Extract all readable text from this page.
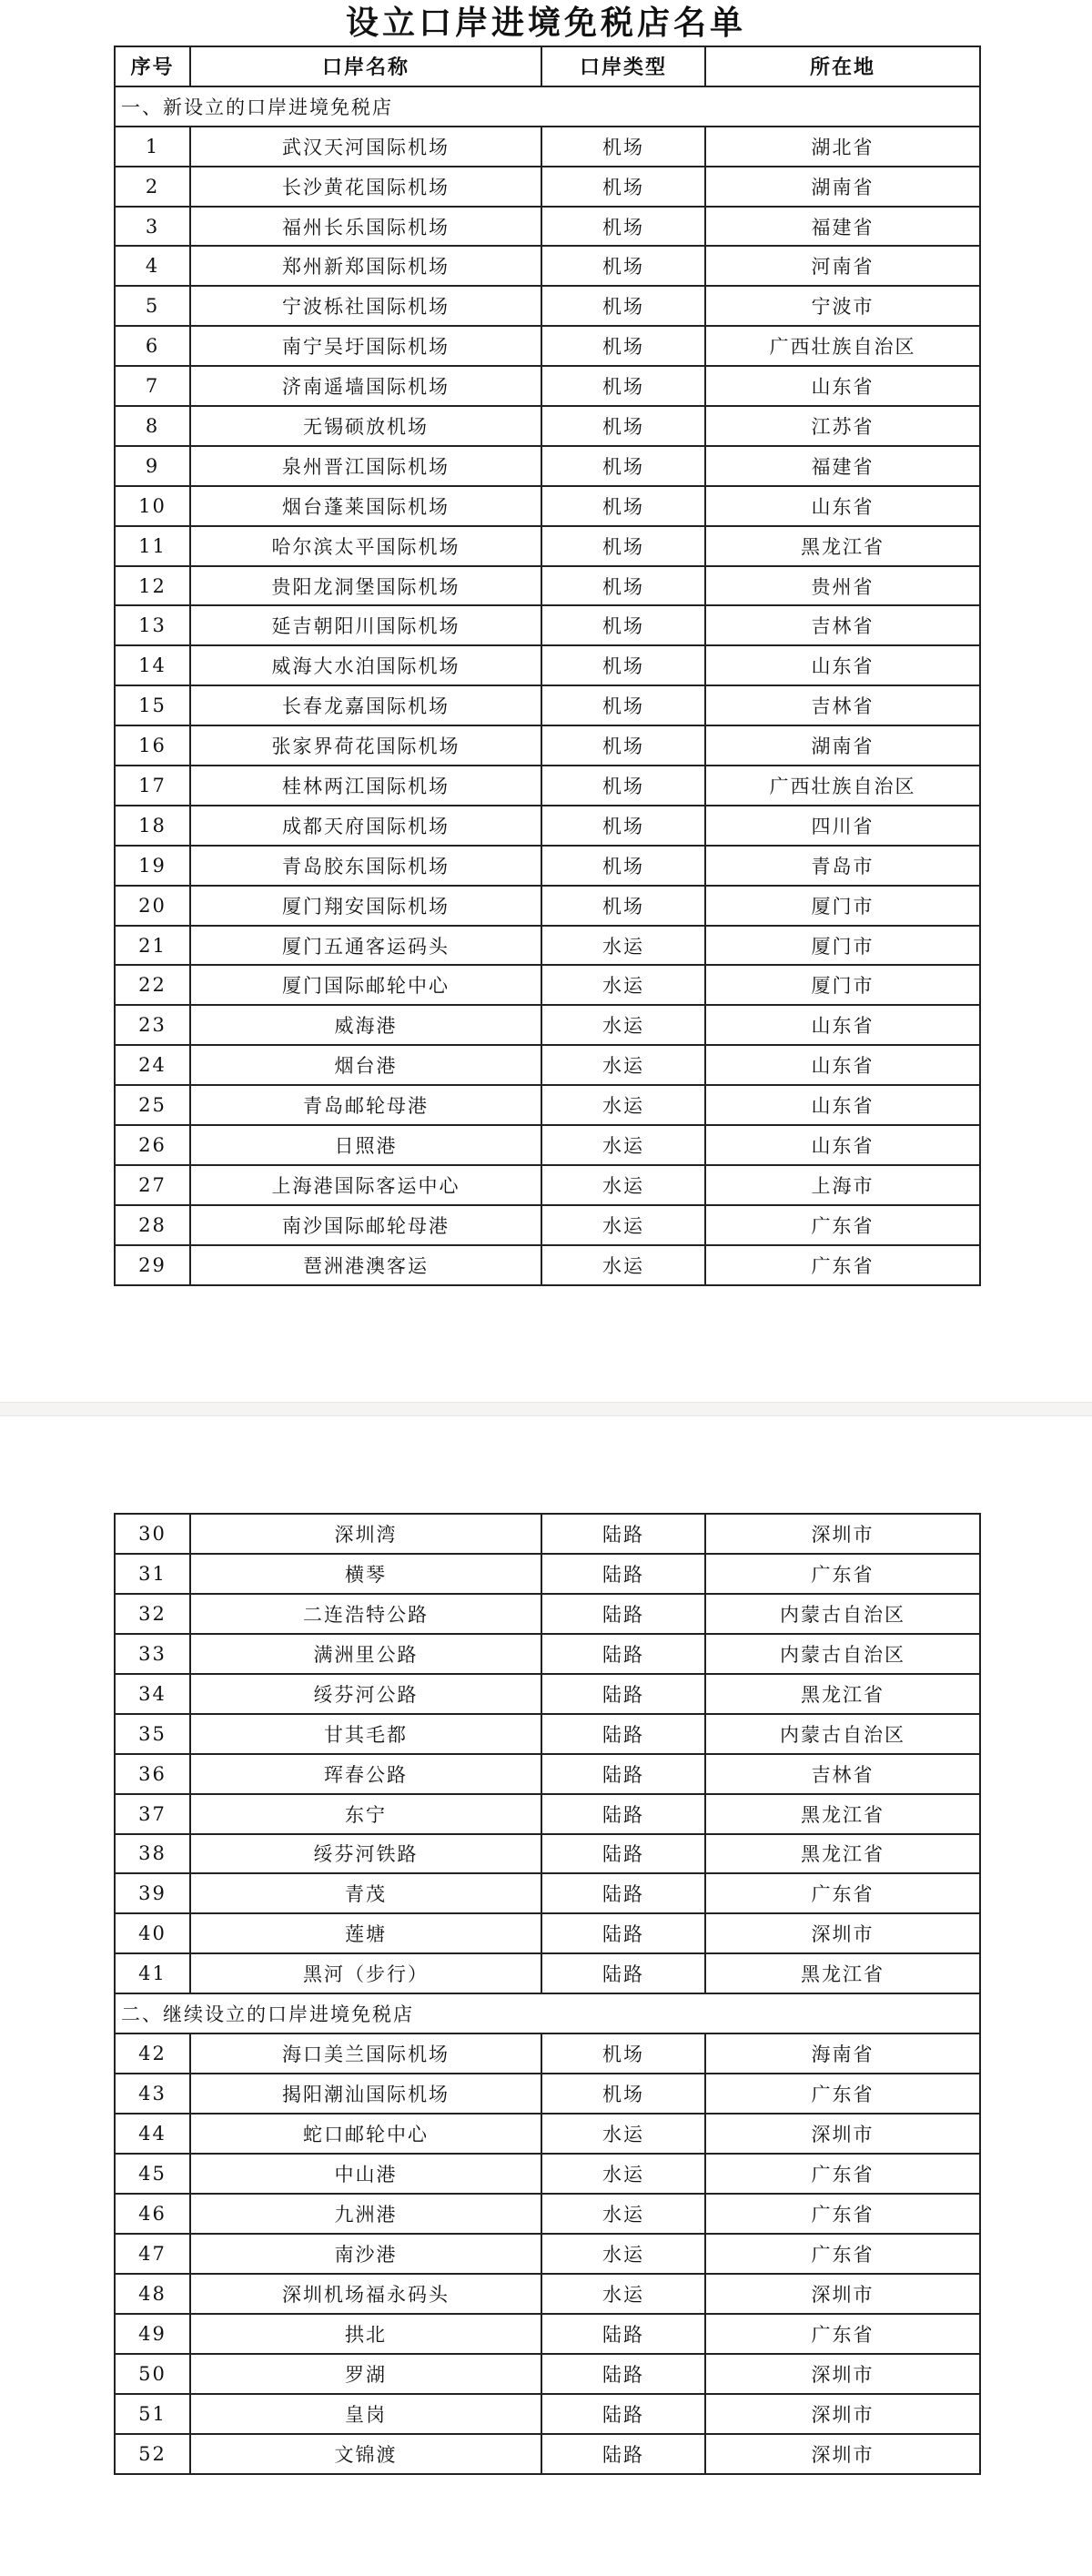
设立口岸进境免税店名单
序号	口岸名称	口岸类型	所在地
一、新设立的口岸进境免税店			
1	武汉天河国际机场	机场	湖北省
2	长沙黄花国际机场	机场	湖南省
3	福州长乐国际机场	机场	福建省
4	郑州新郑国际机场	机场	河南省
5	宁波栎社国际机场	机场	宁波市
6	南宁吴圩国际机场	机场	广西壮族自治区
7	济南遥墙国际机场	机场	山东省
8	无锡硕放机场	机场	江苏省
9	泉州晋江国际机场	机场	福建省
10	烟台蓬莱国际机场	机场	山东省
11	哈尔滨太平国际机场	机场	黑龙江省
12	贵阳龙洞堡国际机场	机场	贵州省
13	延吉朝阳川国际机场	机场	吉林省
14	威海大水泊国际机场	机场	山东省
15	长春龙嘉国际机场	机场	吉林省
16	张家界荷花国际机场	机场	湖南省
17	桂林两江国际机场	机场	广西壮族自治区
18	成都天府国际机场	机场	四川省
19	青岛胶东国际机场	机场	青岛市
20	厦门翔安国际机场	机场	厦门市
21	厦门五通客运码头	水运	厦门市
22	厦门国际邮轮中心	水运	厦门市
23	威海港	水运	山东省
24	烟台港	水运	山东省
25	青岛邮轮母港	水运	山东省
26	日照港	水运	山东省
27	上海港国际客运中心	水运	上海市
28	南沙国际邮轮母港	水运	广东省
29	琶洲港澳客运	水运	广东省
30	深圳湾	陆路	深圳市
31	横琴	陆路	广东省
32	二连浩特公路	陆路	内蒙古自治区
33	满洲里公路	陆路	内蒙古自治区
34	绥芬河公路	陆路	黑龙江省
35	甘其毛都	陆路	内蒙古自治区
36	珲春公路	陆路	吉林省
37	东宁	陆路	黑龙江省
38	绥芬河铁路	陆路	黑龙江省
39	青茂	陆路	广东省
40	莲塘	陆路	深圳市
41	黑河（步行）	陆路	黑龙江省
二、继续设立的口岸进境免税店			
42	海口美兰国际机场	机场	海南省
43	揭阳潮汕国际机场	机场	广东省
44	蛇口邮轮中心	水运	深圳市
45	中山港	水运	广东省
46	九洲港	水运	广东省
47	南沙港	水运	广东省
48	深圳机场福永码头	水运	深圳市
49	拱北	陆路	广东省
50	罗湖	陆路	深圳市
51	皇岗	陆路	深圳市
52	文锦渡	陆路	深圳市
